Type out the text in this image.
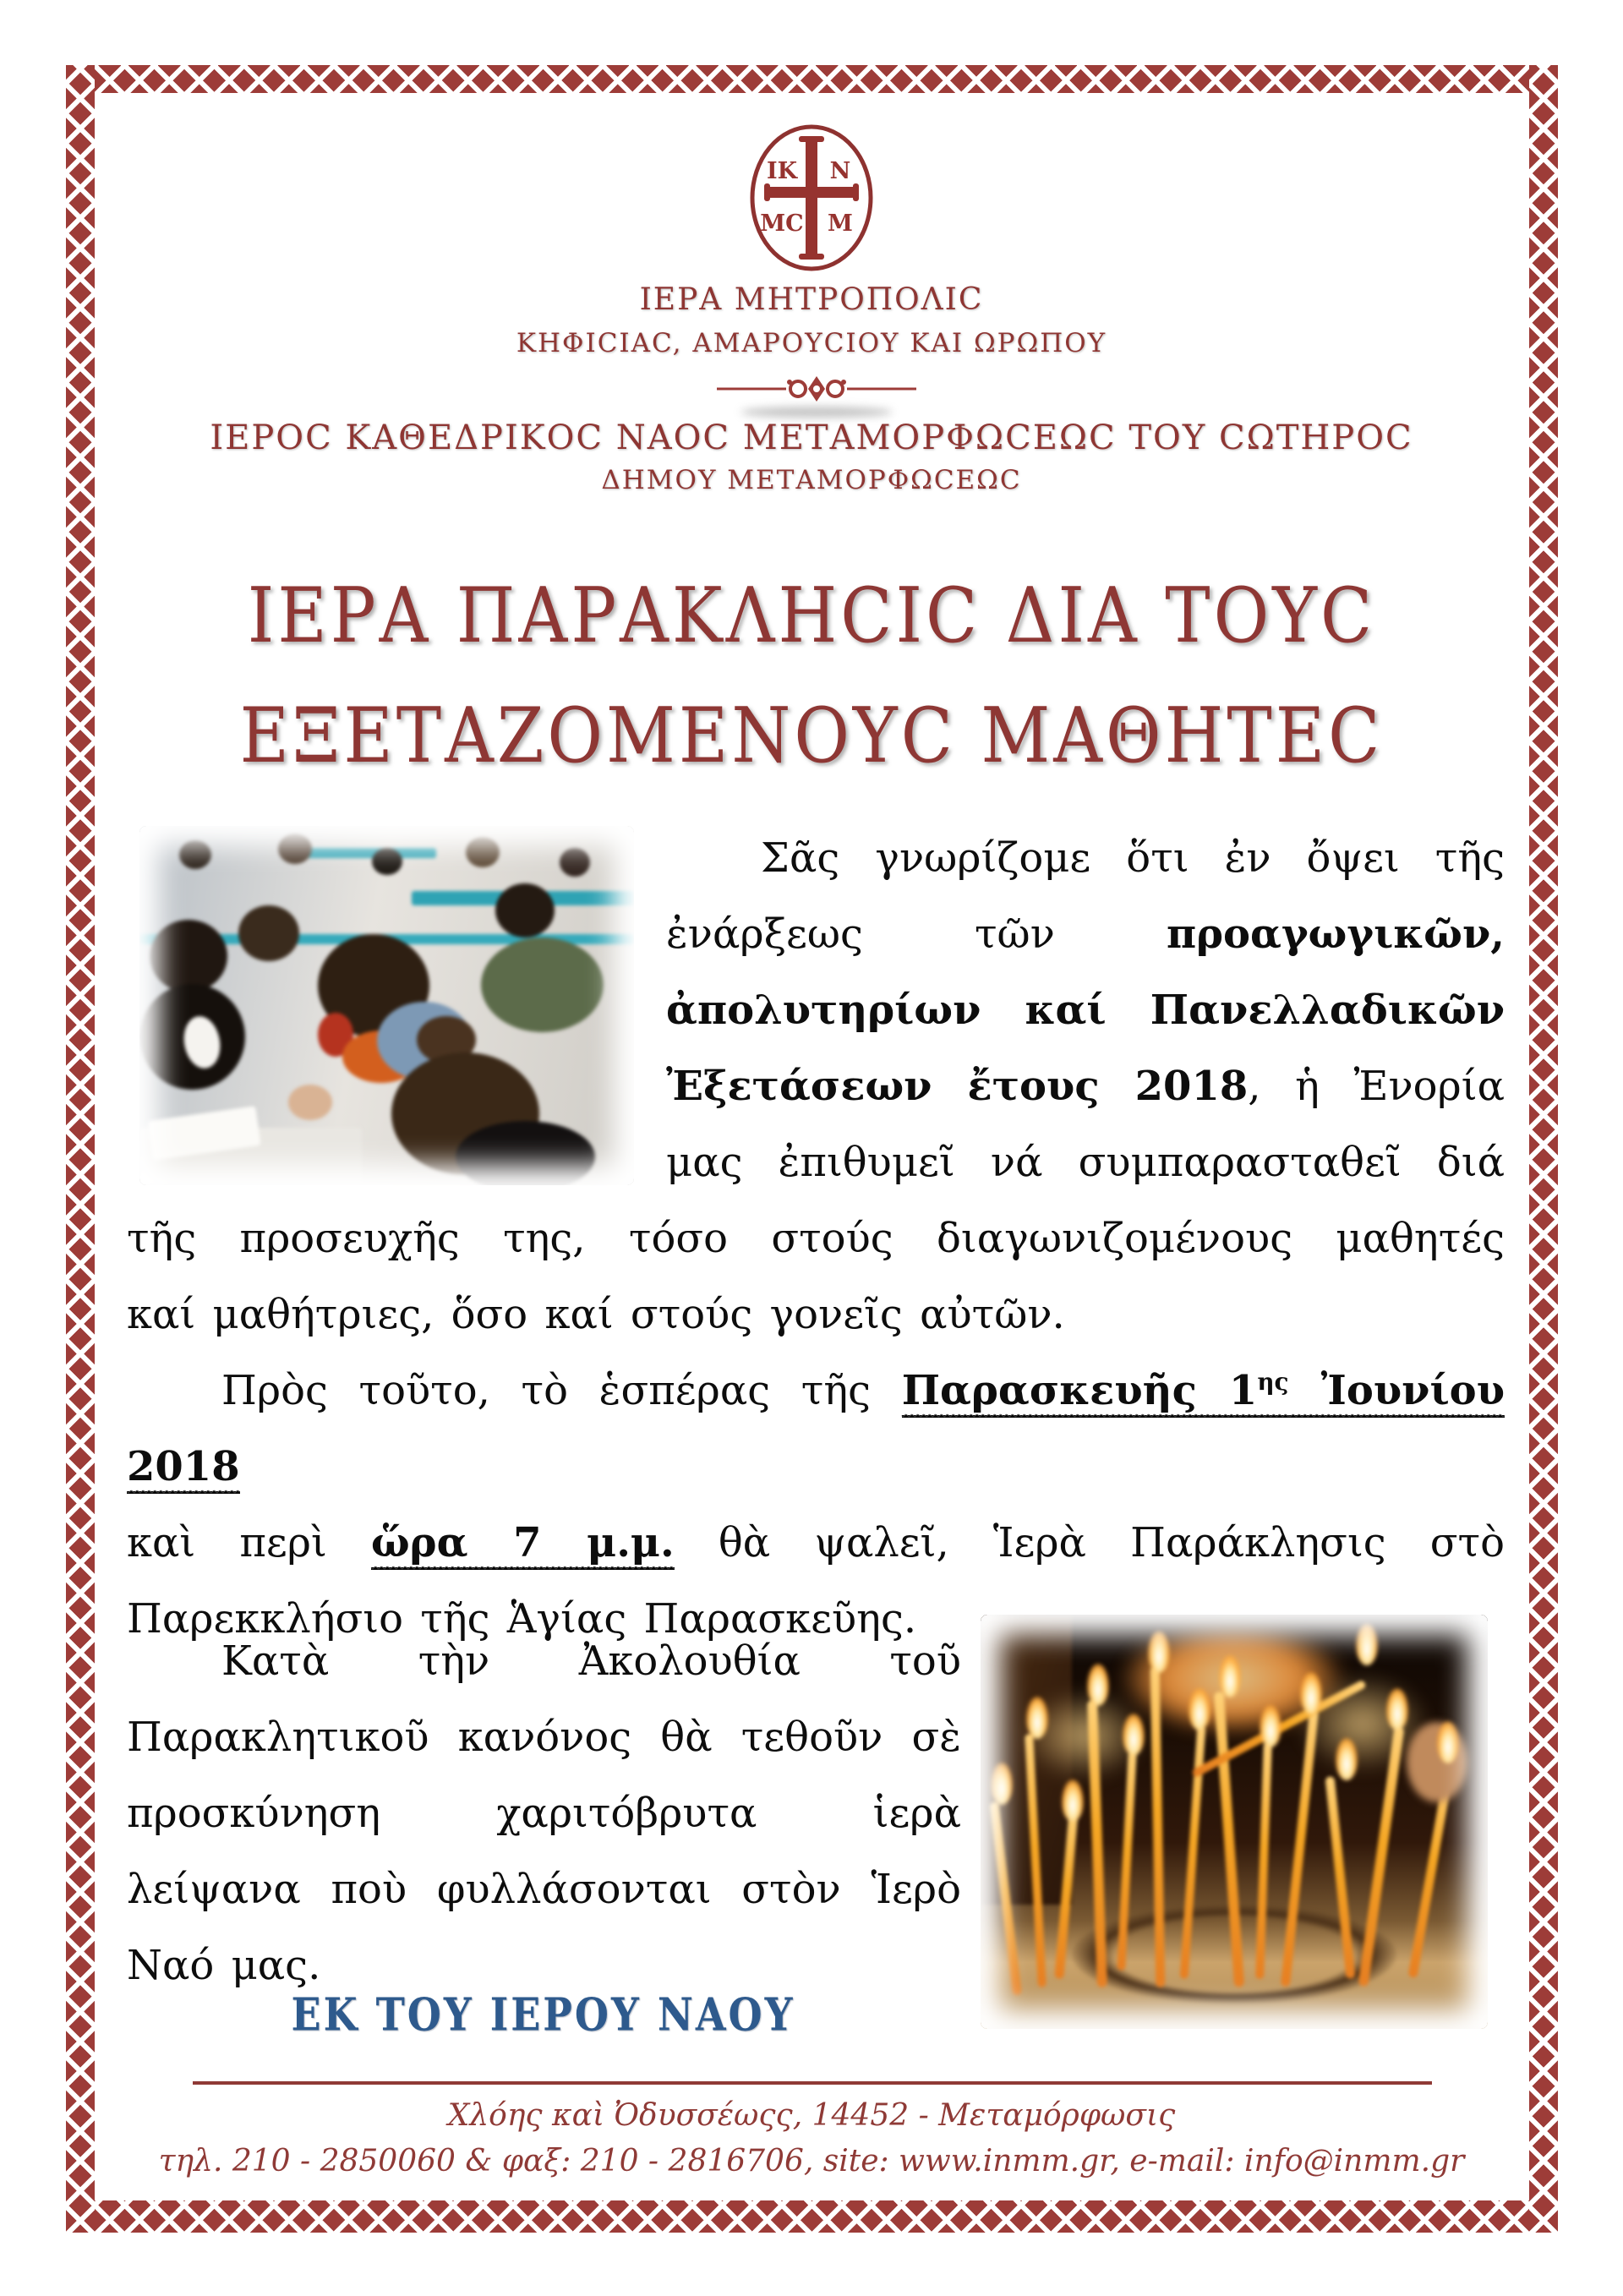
IK N
MC M
ΙΕΡΑ ΜΗΤΡΟΠΟΛΙC
ΚΗΦΙCΙΑC, ΑΜΑΡΟΥCΙΟΥ ΚΑΙ ΩΡΩΠΟΥ
ΙΕΡΟC ΚΑΘΕΔΡΙΚΟC ΝΑΟC ΜΕΤΑΜΟΡΦΩCΕΩC ΤΟΥ CΩΤΗΡΟC
ΔΗΜΟΥ ΜΕΤΑΜΟΡΦΩCΕΩC
ΙΕΡΑ ΠΑΡΑΚΛΗCΙC ΔΙΑ ΤΟΥC
ΕΞΕΤΑΖΟΜΕΝΟΥC ΜΑΘΗΤΕC
Σᾶς γνωρίζομε ὅτι ἐν ὄψει τῆς
ἐνάρξεως τῶν προαγωγικῶν,
ἀπολυτηρίων καί Πανελλαδικῶν
Ἐξετάσεων ἔτους 2018, ἡ Ἐνορία
μας ἐπιθυμεῖ νά συμπαρασταθεῖ διά
τῆς προσευχῆς της, τόσο στούς διαγωνιζομένους μαθητές
καί μαθήτριες, ὅσο καί στούς γονεῖς αὐτῶν.
Πρὸς τοῦτο, τὸ ἑσπέρας τῆς Παρασκευῆς $1^{\eta\varsigma}$ Ἰουνίου 2018
καὶ περὶ ὥρα 7 μ.μ. θὰ ψαλεῖ, Ἱερὰ Παράκλησις στὸ
Παρεκκλήσιο τῆς Ἁγίας Παρασκεῦης.
Κατὰ τὴν Ἀκολουθία τοῦ
Παρακλητικοῦ κανόνος θὰ τεθοῦν σὲ
προσκύνηση χαριτόβρυτα ἱερὰ
λείψανα ποὺ φυλλάσονται στὸν Ἱερὸ
Ναό μας.
ΕΚ ΤΟΥ ΙΕΡΟΥ ΝΑΟΥ
Χλόης καὶ Ὀδυσσέωςς, 14452 - Μεταμόρφωσις
τηλ. 210 - 2850060 & φαξ: 210 - 2816706, site: www.inmm.gr, e-mail: info@inmm.gr
